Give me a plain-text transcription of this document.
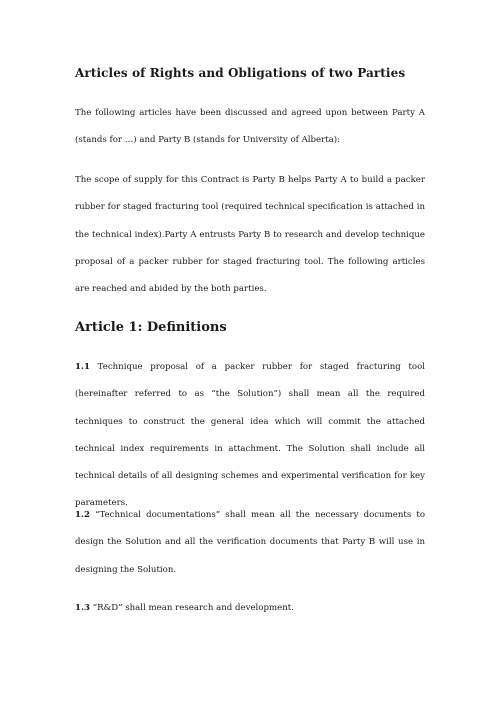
Articles of Rights and Obligations of two Parties
The following articles have been discussed and agreed upon between Party A (stands for …) and Party B (stands for University of Alberta):
The scope of supply for this Contract is Party B helps Party A to build a packer rubber for staged fracturing tool (required technical specification is attached in the technical index).Party A entrusts Party B to research and develop technique proposal of a packer rubber for staged fracturing tool. The following articles are reached and abided by the both parties.
Article 1: Definitions
1.1 Technique proposal of a packer rubber for staged fracturing tool (hereinafter referred to as “the Solution”) shall mean all the required techniques to construct the general idea which will commit the attached technical index requirements in attachment. The Solution shall include all technical details of all designing schemes and experimental verification for key parameters.
1.2 “Technical documentations” shall mean all the necessary documents to design the Solution and all the verification documents that Party B will use in designing the Solution.
1.3 “R&D” shall mean research and development.
